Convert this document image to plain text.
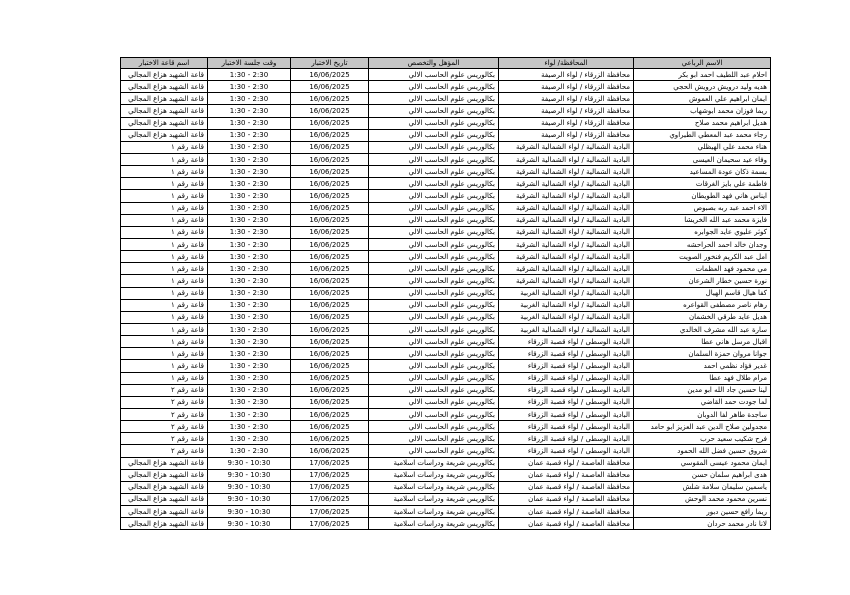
الاسم الرباعي	المحافظة/ لواء	المؤهل والتخصص	تاريخ الاختبار	وقت جلسة الاختبار	اسم قاعة الاختبار
احلام عبد اللطيف احمد ابو بكر	محافظة الزرقاء / لواء الرصيفة	بكالوريس علوم الحاسب الالي	16/06/2025	2:30 - 1:30	قاعة الشهيد هزاع المجالي
هديه وليد درويش درويش الحجي	محافظة الزرقاء / لواء الرصيفة	بكالوريس علوم الحاسب الالي	16/06/2025	2:30 - 1:30	قاعة الشهيد هزاع المجالي
ايمان ابراهيم علي العموش	محافظة الزرقاء / لواء الرصيفة	بكالوريس علوم الحاسب الالي	16/06/2025	2:30 - 1:30	قاعة الشهيد هزاع المجالي
ريما فوزان محمد ابوشهاب	محافظة الزرقاء / لواء الرصيفة	بكالوريس علوم الحاسب الالي	16/06/2025	2:30 - 1:30	قاعة الشهيد هزاع المجالي
هديل ابراهيم محمد صلاح	محافظة الزرقاء / لواء الرصيفة	بكالوريس علوم الحاسب الالي	16/06/2025	2:30 - 1:30	قاعة الشهيد هزاع المجالي
رجاء محمد عبد المعطي الطيراوي	محافظة الزرقاء / لواء الرصيفة	بكالوريس علوم الحاسب الالي	16/06/2025	2:30 - 1:30	قاعة الشهيد هزاع المجالي
هناء محمد علي الهيظلي	البادية الشمالية / لواء الشمالية الشرقية	بكالوريس علوم الحاسب الالي	16/06/2025	2:30 - 1:30	قاعة رقم ١
وفاء عيد سحيمان العيسى	البادية الشمالية / لواء الشمالية الشرقية	بكالوريس علوم الحاسب الالي	16/06/2025	2:30 - 1:30	قاعة رقم ١
بسمة ذكان عودة المساعيد	البادية الشمالية / لواء الشمالية الشرقية	بكالوريس علوم الحاسب الالي	16/06/2025	2:30 - 1:30	قاعة رقم ١
فاطمة علي بايز الغرقات	البادية الشمالية / لواء الشمالية الشرقية	بكالوريس علوم الحاسب الالي	16/06/2025	2:30 - 1:30	قاعة رقم ١
ايناس هاني فهد الطويطان	البادية الشمالية / لواء الشمالية الشرقية	بكالوريس علوم الحاسب الالي	16/06/2025	2:30 - 1:30	قاعة رقم ١
الاء احمد عبد ربه بصبوص	البادية الشمالية / لواء الشمالية الشرقية	بكالوريس علوم الحاسب الالي	16/06/2025	2:30 - 1:30	قاعة رقم ١
فايزة محمد عبد الله الخريشا	البادية الشمالية / لواء الشمالية الشرقية	بكالوريس علوم الحاسب الالي	16/06/2025	2:30 - 1:30	قاعة رقم ١
كوثر عليوي عايد الجوابره	البادية الشمالية / لواء الشمالية الشرقية	بكالوريس علوم الحاسب الالي	16/06/2025	2:30 - 1:30	قاعة رقم ١
وجدان خالد احمد الحراحشه	البادية الشمالية / لواء الشمالية الشرقية	بكالوريس علوم الحاسب الالي	16/06/2025	2:30 - 1:30	قاعة رقم ١
امل عبد الكريم فنخور الصويت	البادية الشمالية / لواء الشمالية الشرقية	بكالوريس علوم الحاسب الالي	16/06/2025	2:30 - 1:30	قاعة رقم ١
مي محمود فهد العظمات	البادية الشمالية / لواء الشمالية الشرقية	بكالوريس علوم الحاسب الالي	16/06/2025	2:30 - 1:30	قاعة رقم ١
نورة حسين خطار الشرعان	البادية الشمالية / لواء الشمالية الشرقية	بكالوريس علوم الحاسب الالي	16/06/2025	2:30 - 1:30	قاعة رقم ١
كفا هيال قاسم الهيال	البادية الشمالية / لواء الشمالية الغربية	بكالوريس علوم الحاسب الالي	16/06/2025	2:30 - 1:30	قاعة رقم ١
رهام ناصر مصطفى القواعره	البادية الشمالية / لواء الشمالية الغربية	بكالوريس علوم الحاسب الالي	16/06/2025	2:30 - 1:30	قاعة رقم ١
هديل عايد طرقي الخشمان	البادية الشمالية / لواء الشمالية الغربية	بكالوريس علوم الحاسب الالي	16/06/2025	2:30 - 1:30	قاعة رقم ١
سارة عبد الله مشرف الخالدي	البادية الشمالية / لواء الشمالية الغربية	بكالوريس علوم الحاسب الالي	16/06/2025	2:30 - 1:30	قاعة رقم ١
اقبال مرسل هاني عطا	البادية الوسطى / لواء قصبة الزرقاء	بكالوريس علوم الحاسب الالي	16/06/2025	2:30 - 1:30	قاعة رقم ١
جوانا مروان حمزة السلمان	البادية الوسطى / لواء قصبة الزرقاء	بكالوريس علوم الحاسب الالي	16/06/2025	2:30 - 1:30	قاعة رقم ١
غدير فؤاد نظمي احمد	البادية الوسطى / لواء قصبة الزرقاء	بكالوريس علوم الحاسب الالي	16/06/2025	2:30 - 1:30	قاعة رقم ١
مرام طلال فهد عطا	البادية الوسطى / لواء قصبة الزرقاء	بكالوريس علوم الحاسب الالي	16/06/2025	2:30 - 1:30	قاعة رقم ١
لينا حسين جاد الله ابو مدين	البادية الوسطى / لواء قصبة الزرقاء	بكالوريس علوم الحاسب الالي	16/06/2025	2:30 - 1:30	قاعة رقم ٢
لما جودت حمد القاضي	البادية الوسطى / لواء قصبة الزرقاء	بكالوريس علوم الحاسب الالي	16/06/2025	2:30 - 1:30	قاعة رقم ٢
ساجدة طاهر لفا الدوبان	البادية الوسطى / لواء قصبة الزرقاء	بكالوريس علوم الحاسب الالي	16/06/2025	2:30 - 1:30	قاعة رقم ٢
مجدولين صلاح الدين عبد العزيز ابو حامد	البادية الوسطى / لواء قصبة الزرقاء	بكالوريس علوم الحاسب الالي	16/06/2025	2:30 - 1:30	قاعة رقم ٢
فرح شكيب سعيد حرب	البادية الوسطى / لواء قصبة الزرقاء	بكالوريس علوم الحاسب الالي	16/06/2025	2:30 - 1:30	قاعة رقم ٢
شروق حسين فضل الله الحمود	البادية الوسطى / لواء قصبة الزرقاء	بكالوريس علوم الحاسب الالي	16/06/2025	2:30 - 1:30	قاعة رقم ٢
ايمان محمود عيسى المقوسي	محافظة العاصمة / لواء قصبة عمان	بكالوريس شريعة ودراسات اسلامية	17/06/2025	10:30 - 9:30	قاعة الشهيد هزاع المجالي
هدى ابراهيم سلمان حسن	محافظة العاصمة / لواء قصبة عمان	بكالوريس شريعة ودراسات اسلامية	17/06/2025	10:30 - 9:30	قاعة الشهيد هزاع المجالي
ياسمين سليمان سلامة شلش	محافظة العاصمة / لواء قصبة عمان	بكالوريس شريعة ودراسات اسلامية	17/06/2025	10:30 - 9:30	قاعة الشهيد هزاع المجالي
نسرين محمود محمد الوحش	محافظة العاصمة / لواء قصبة عمان	بكالوريس شريعة ودراسات اسلامية	17/06/2025	10:30 - 9:30	قاعة الشهيد هزاع المجالي
ريما رافع حسين دبور	محافظة العاصمة / لواء قصبة عمان	بكالوريس شريعة ودراسات اسلامية	17/06/2025	10:30 - 9:30	قاعة الشهيد هزاع المجالي
لانا نادر محمد حردان	محافظة العاصمة / لواء قصبة عمان	بكالوريس شريعة ودراسات اسلامية	17/06/2025	10:30 - 9:30	قاعة الشهيد هزاع المجالي
